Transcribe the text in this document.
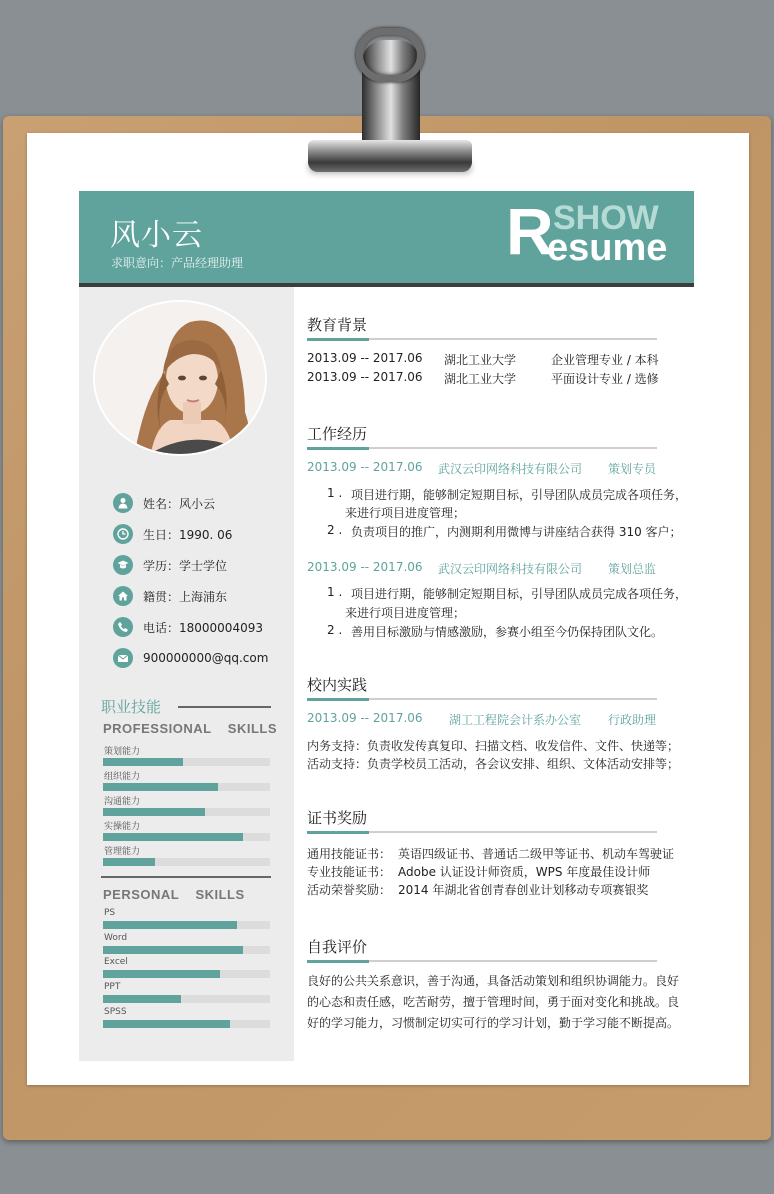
风小云
求职意向：产品经理助理	R SHOW
esume
姓名：风小云
生日：1990. 06
学历：学士学位
籍贯：上海浦东
电话：18000004093
900000000@qq.com
职业技能
PROFESSIONAL    SKILLS
策划能力
组织能力
沟通能力
实操能力
管理能力
PERSONAL    SKILLS
PS
Word
Excel
PPT
SPSS
教育背景
2013.09 -- 2017.06 湖北工业大学	企业管理专业 / 本科
2013.09 -- 2017.06 湖北工业大学	平面设计专业 / 选修
工作经历
2013.09 -- 2017.06 武汉云印网络科技有限公司 策划专员
1 . 项目进行期，能够制定短期目标，引导团队成员完成各项任务，
来进行项目进度管理；
2 . 负责项目的推广，内测期利用微博与讲座结合获得 310 客户；
2013.09 -- 2017.06 武汉云印网络科技有限公司 策划总监
1 . 项目进行期，能够制定短期目标，引导团队成员完成各项任务，
来进行项目进度管理；
2 . 善用目标激励与情感激励，参赛小组至今仍保持团队文化。
校内实践
2013.09 -- 2017.06 湖工工程院会计系办公室 行政助理
内务支持：负责收发传真复印、扫描文档、收发信件、文件、快递等；
活动支持：负责学校员工活动，各会议安排、组织、文体活动安排等；
证书奖励
通用技能证书： 英语四级证书、普通话二级甲等证书、机动车驾驶证
专业技能证书： Adobe 认证设计师资质，WPS 年度最佳设计师
活动荣誉奖励： 2014 年湖北省创青春创业计划移动专项赛银奖
自我评价
良好的公共关系意识，善于沟通，具备活动策划和组织协调能力。良好
的心态和责任感，吃苦耐劳，擅于管理时间，勇于面对变化和挑战。良
好的学习能力，习惯制定切实可行的学习计划，勤于学习能不断提高。
